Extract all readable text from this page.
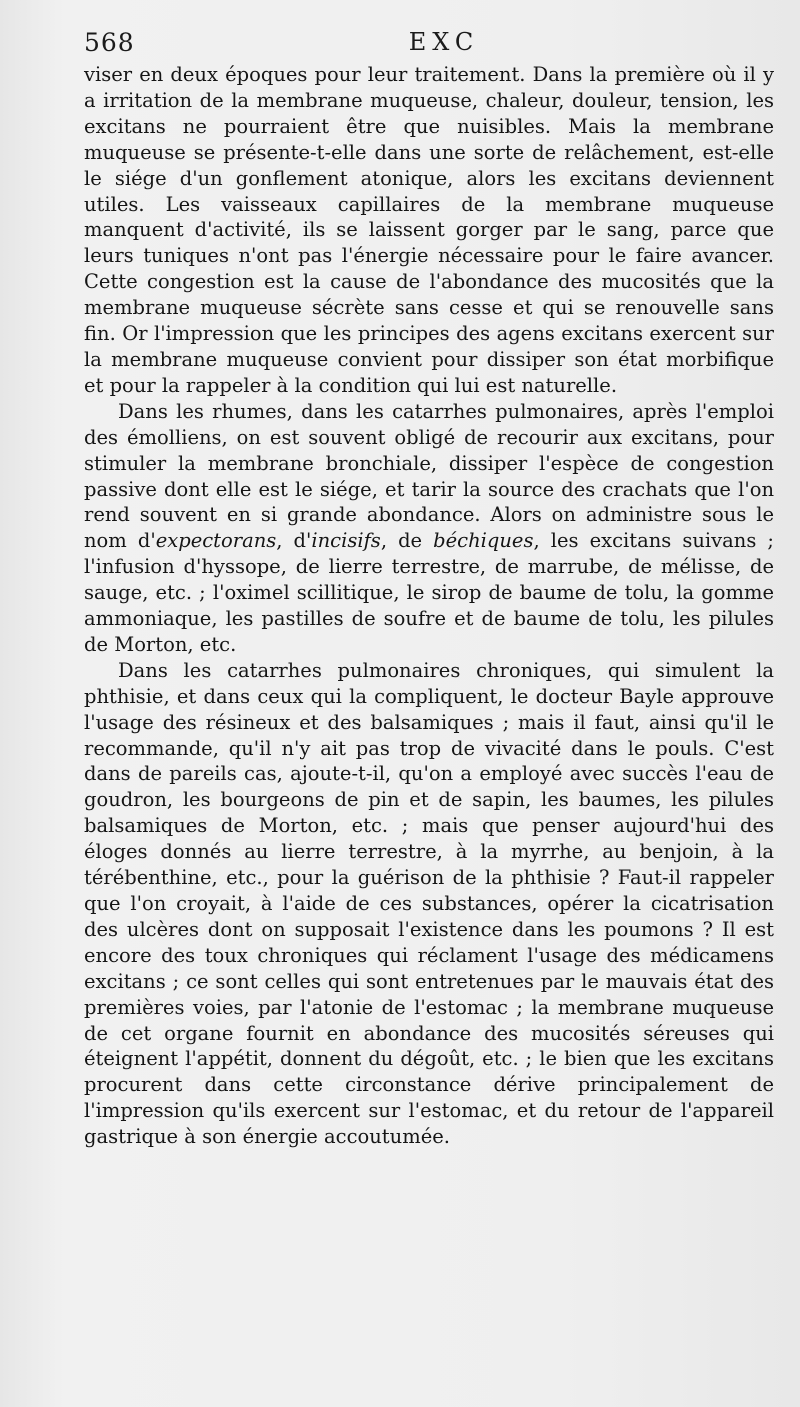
568	EXC

viser en deux époques pour leur traitement. Dans la première où il y a irritation de la membrane muqueuse, chaleur, douleur, tension, les excitans ne pourraient être que nuisibles. Mais la membrane muqueuse se présente-t-elle dans une sorte de relâchement, est-elle le siége d'un gonflement atonique, alors les excitans deviennent utiles. Les vaisseaux capillaires de la membrane muqueuse manquent d'activité, ils se laissent gorger par le sang, parce que leurs tuniques n'ont pas l'énergie nécessaire pour le faire avancer. Cette congestion est la cause de l'abondance des mucosités que la membrane muqueuse sécrète sans cesse et qui se renouvelle sans fin. Or l'impression que les principes des agens excitans exercent sur la membrane muqueuse convient pour dissiper son état morbifique et pour la rappeler à la condition qui lui est naturelle.

Dans les rhumes, dans les catarrhes pulmonaires, après l'emploi des émolliens, on est souvent obligé de recourir aux excitans, pour stimuler la membrane bronchiale, dissiper l'espèce de congestion passive dont elle est le siége, et tarir la source des crachats que l'on rend souvent en si grande abondance. Alors on administre sous le nom d'expectorans, d'incisifs, de béchiques, les excitans suivans ; l'infusion d'hyssope, de lierre terrestre, de marrube, de mélisse, de sauge, etc. ; l'oximel scillitique, le sirop de baume de tolu, la gomme ammoniaque, les pastilles de soufre et de baume de tolu, les pilules de Morton, etc.

Dans les catarrhes pulmonaires chroniques, qui simulent la phthisie, et dans ceux qui la compliquent, le docteur Bayle approuve l'usage des résineux et des balsamiques ; mais il faut, ainsi qu'il le recommande, qu'il n'y ait pas trop de vivacité dans le pouls. C'est dans de pareils cas, ajoute-t-il, qu'on a employé avec succès l'eau de goudron, les bourgeons de pin et de sapin, les baumes, les pilules balsamiques de Morton, etc. ; mais que penser aujourd'hui des éloges donnés au lierre terrestre, à la myrrhe, au benjoin, à la térébenthine, etc., pour la guérison de la phthisie ? Faut-il rappeler que l'on croyait, à l'aide de ces substances, opérer la cicatrisation des ulcères dont on supposait l'existence dans les poumons ? Il est encore des toux chroniques qui réclament l'usage des médicamens excitans ; ce sont celles qui sont entretenues par le mauvais état des premières voies, par l'atonie de l'estomac ; la membrane muqueuse de cet organe fournit en abondance des mucosités séreuses qui éteignent l'appétit, donnent du dégoût, etc. ; le bien que les excitans procurent dans cette circonstance dérive principalement de l'impression qu'ils exercent sur l'estomac, et du retour de l'appareil gastrique à son énergie accoutumée.
